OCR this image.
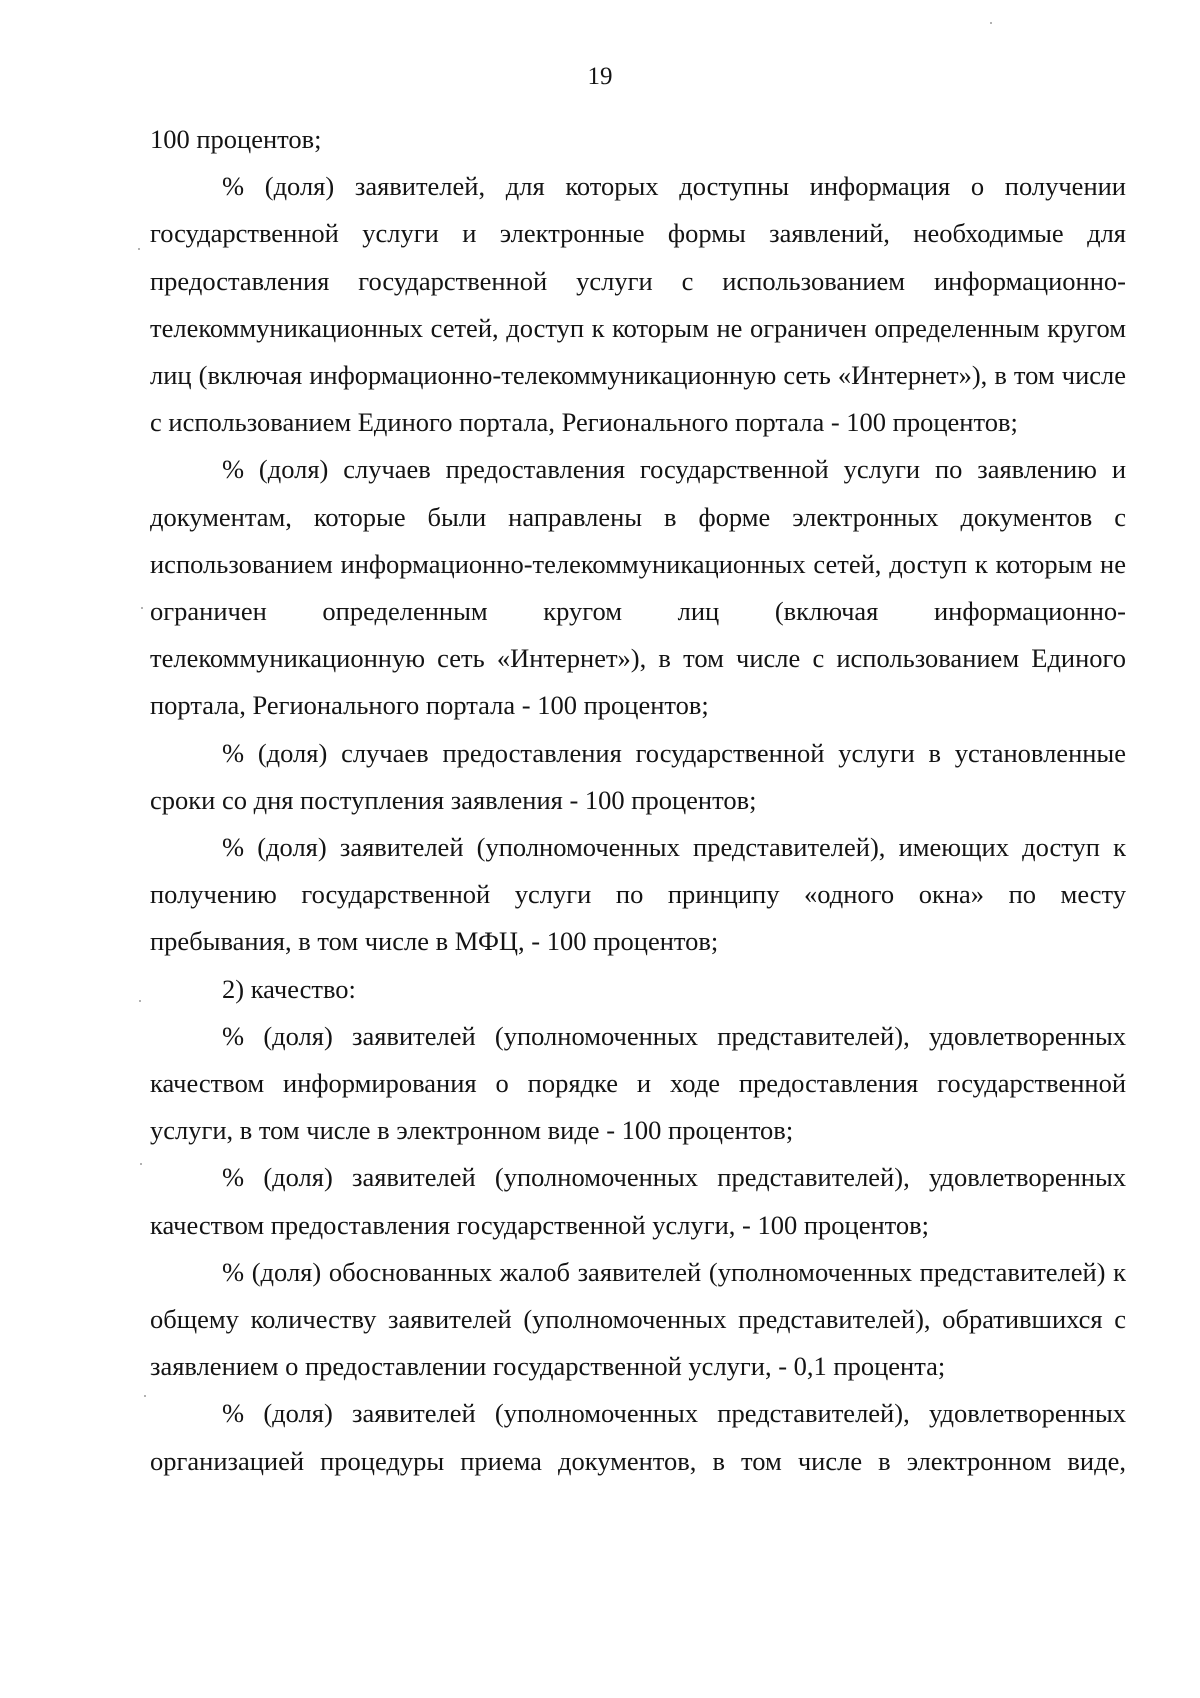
19

100 процентов;

% (доля) заявителей, для которых доступны информация о получении государственной услуги и электронные формы заявлений, необходимые для предоставления государственной услуги с использованием информационно-телекоммуникационных сетей, доступ к которым не ограничен определенным кругом лиц (включая информационно-телекоммуникационную сеть «Интернет»), в том числе с использованием Единого портала, Регионального портала - 100 процентов;

% (доля) случаев предоставления государственной услуги по заявлению и документам, которые были направлены в форме электронных документов с использованием информационно-телекоммуникационных сетей, доступ к которым не ограничен определенным кругом лиц (включая информационно-телекоммуникационную сеть «Интернет»), в том числе с использованием Единого портала, Регионального портала - 100 процентов;

% (доля) случаев предоставления государственной услуги в установленные сроки со дня поступления заявления - 100 процентов;

% (доля) заявителей (уполномоченных представителей), имеющих доступ к получению государственной услуги по принципу «одного окна» по месту пребывания, в том числе в МФЦ, - 100 процентов;

2) качество:

% (доля) заявителей (уполномоченных представителей), удовлетворенных качеством информирования о порядке и ходе предоставления государственной услуги, в том числе в электронном виде - 100 процентов;

% (доля) заявителей (уполномоченных представителей), удовлетворенных качеством предоставления государственной услуги, - 100 процентов;

% (доля) обоснованных жалоб заявителей (уполномоченных представителей) к общему количеству заявителей (уполномоченных представителей), обратившихся с заявлением о предоставлении государственной услуги, - 0,1 процента;

% (доля) заявителей (уполномоченных представителей), удовлетворенных организацией процедуры приема документов, в том числе в электронном виде,
